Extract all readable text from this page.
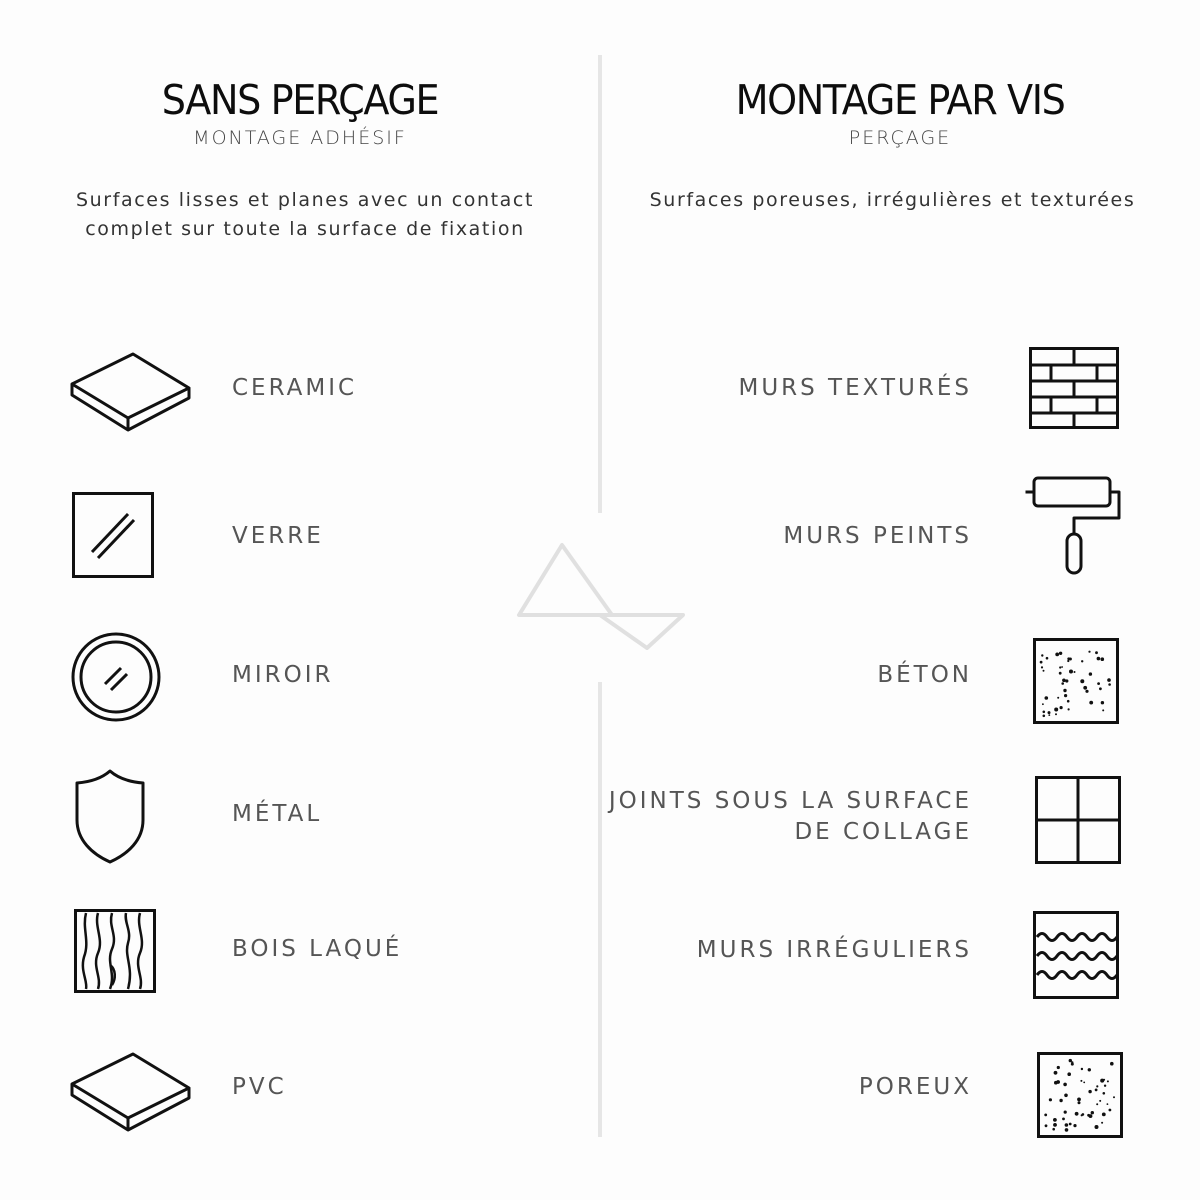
SANS PERÇAGE
MONTAGE ADHÉSIF
Surfaces lisses et planes avec un contact complet sur toute la surface de fixation
MONTAGE PAR VIS
PERÇAGE
Surfaces poreuses, irrégulières et texturées
CERAMIC
VERRE
MIROIR
MÉTAL
BOIS LAQUÉ
PVC
MURS TEXTURÉS
MURS PEINTS
BÉTON
JOINTS SOUS LA SURFACE
DE COLLAGE
MURS IRRÉGULIERS
POREUX
